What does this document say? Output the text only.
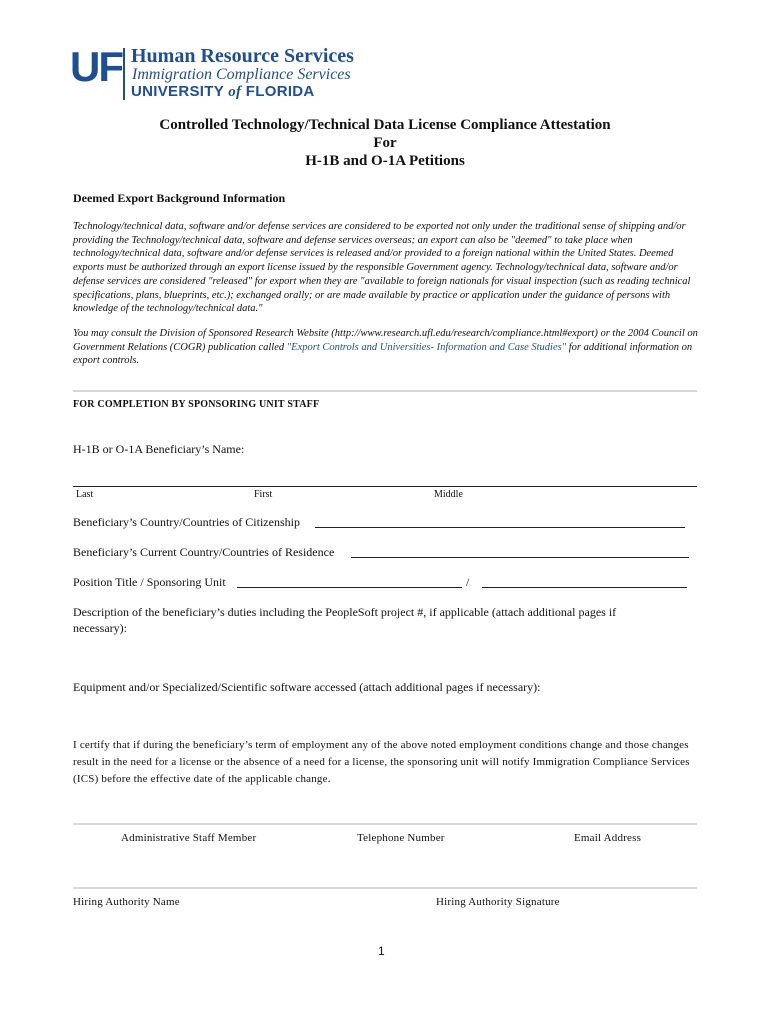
UF Human Resource Services
Immigration Compliance Services
UNIVERSITY of FLORIDA
Controlled Technology/Technical Data License Compliance Attestation
For
H-1B and O-1A Petitions
Deemed Export Background Information
Technology/technical data, software and/or defense services are considered to be exported not only under the traditional sense of shipping and/or providing the Technology/technical data, software and defense services overseas; an export can also be "deemed" to take place when technology/technical data, software and/or defense services is released and/or provided to a foreign national within the United States. Deemed exports must be authorized through an export license issued by the responsible Government agency. Technology/technical data, software and/or defense services are considered "released" for export when they are "available to foreign nationals for visual inspection (such as reading technical specifications, plans, blueprints, etc.); exchanged orally; or are made available by practice or application under the guidance of persons with knowledge of the technology/technical data."
You may consult the Division of Sponsored Research Website (http://www.research.ufl.edu/research/compliance.html#export) or the 2004 Council on Government Relations (COGR) publication called "Export Controls and Universities- Information and Case Studies" for additional information on export controls.
FOR COMPLETION BY SPONSORING UNIT STAFF
H-1B or O-1A Beneficiary’s Name:
Last	First	Middle
Beneficiary’s Country/Countries of Citizenship
Beneficiary’s Current Country/Countries of Residence
Position Title / Sponsoring Unit	/
Description of the beneficiary’s duties including the PeopleSoft project #, if applicable (attach additional pages if necessary):
Equipment and/or Specialized/Scientific software accessed (attach additional pages if necessary):
I certify that if during the beneficiary’s term of employment any of the above noted employment conditions change and those changes result in the need for a license or the absence of a need for a license, the sponsoring unit will notify Immigration Compliance Services (ICS) before the effective date of the applicable change.
Administrative Staff Member	Telephone Number	Email Address
Hiring Authority Name	Hiring Authority Signature
1
